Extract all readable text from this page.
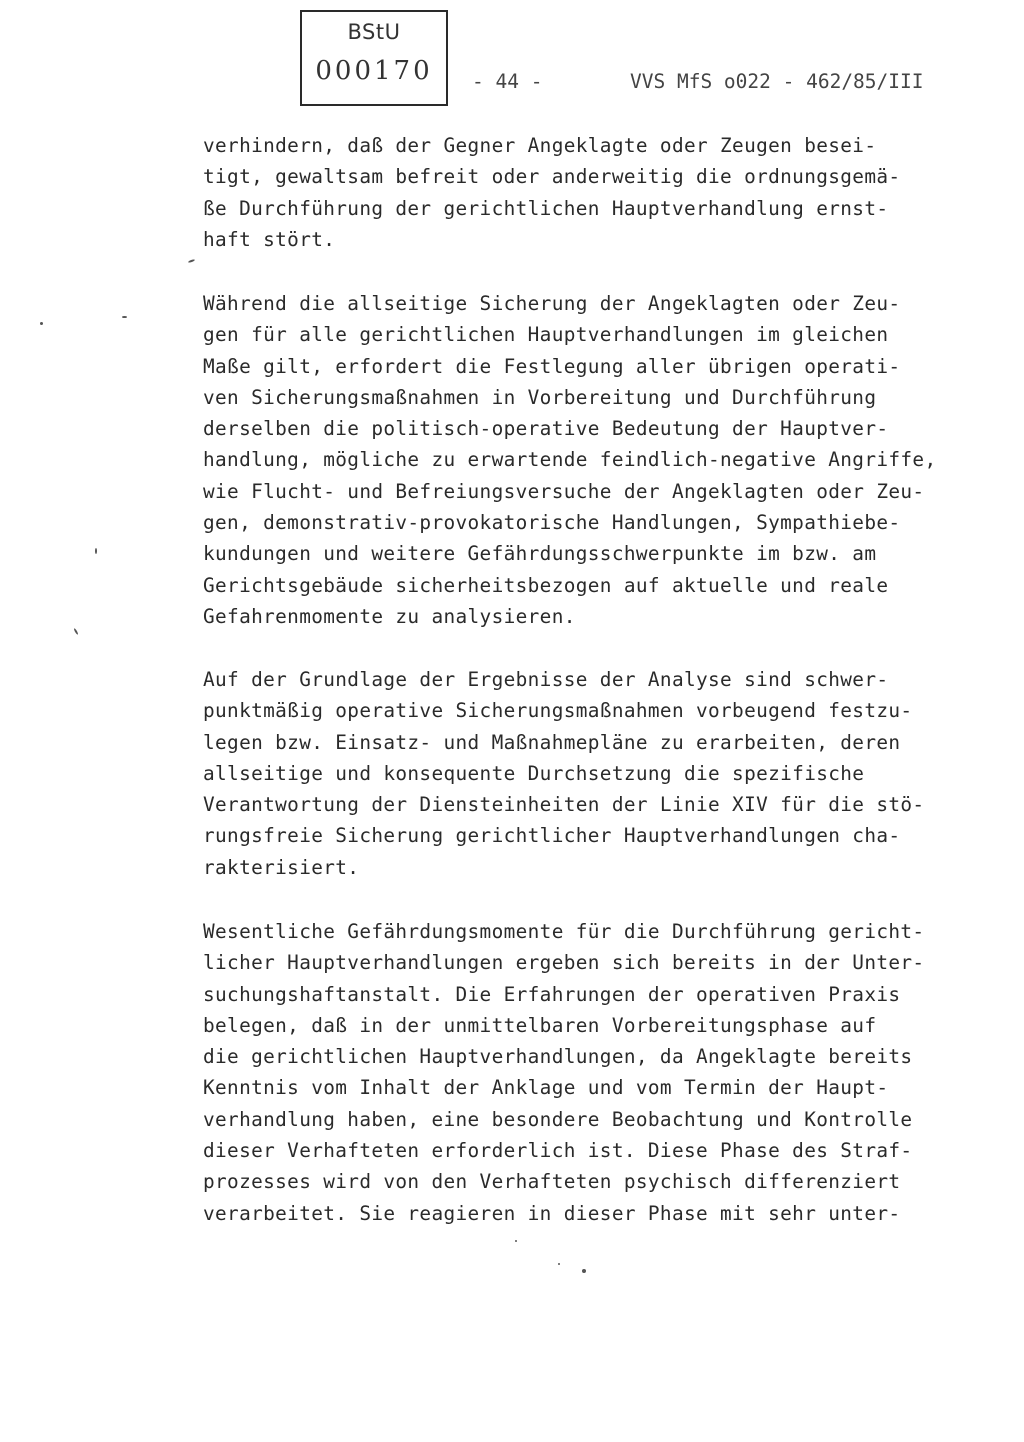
BStU
000170	- 44 -	VVS MfS o022 - 462/85/III
verhindern, daß der Gegner Angeklagte oder Zeugen besei-
tigt, gewaltsam befreit oder anderweitig die ordnungsgemä-
ße Durchführung der gerichtlichen Hauptverhandlung ernst-
haft stört.
Während die allseitige Sicherung der Angeklagten oder Zeu-
gen für alle gerichtlichen Hauptverhandlungen im gleichen
Maße gilt, erfordert die Festlegung aller übrigen operati-
ven Sicherungsmaßnahmen in Vorbereitung und Durchführung
derselben die politisch-operative Bedeutung der Hauptver-
handlung, mögliche zu erwartende feindlich-negative Angriffe,
wie Flucht- und Befreiungsversuche der Angeklagten oder Zeu-
gen, demonstrativ-provokatorische Handlungen, Sympathiebe-
kundungen und weitere Gefährdungsschwerpunkte im bzw. am
Gerichtsgebäude sicherheitsbezogen auf aktuelle und reale
Gefahrenmomente zu analysieren.
Auf der Grundlage der Ergebnisse der Analyse sind schwer-
punktmäßig operative Sicherungsmaßnahmen vorbeugend festzu-
legen bzw. Einsatz- und Maßnahmepläne zu erarbeiten, deren
allseitige und konsequente Durchsetzung die spezifische
Verantwortung der Diensteinheiten der Linie XIV für die stö-
rungsfreie Sicherung gerichtlicher Hauptverhandlungen cha-
rakterisiert.
Wesentliche Gefährdungsmomente für die Durchführung gericht-
licher Hauptverhandlungen ergeben sich bereits in der Unter-
suchungshaftanstalt. Die Erfahrungen der operativen Praxis
belegen, daß in der unmittelbaren Vorbereitungsphase auf
die gerichtlichen Hauptverhandlungen, da Angeklagte bereits
Kenntnis vom Inhalt der Anklage und vom Termin der Haupt-
verhandlung haben, eine besondere Beobachtung und Kontrolle
dieser Verhafteten erforderlich ist. Diese Phase des Straf-
prozesses wird von den Verhafteten psychisch differenziert
verarbeitet. Sie reagieren in dieser Phase mit sehr unter-
